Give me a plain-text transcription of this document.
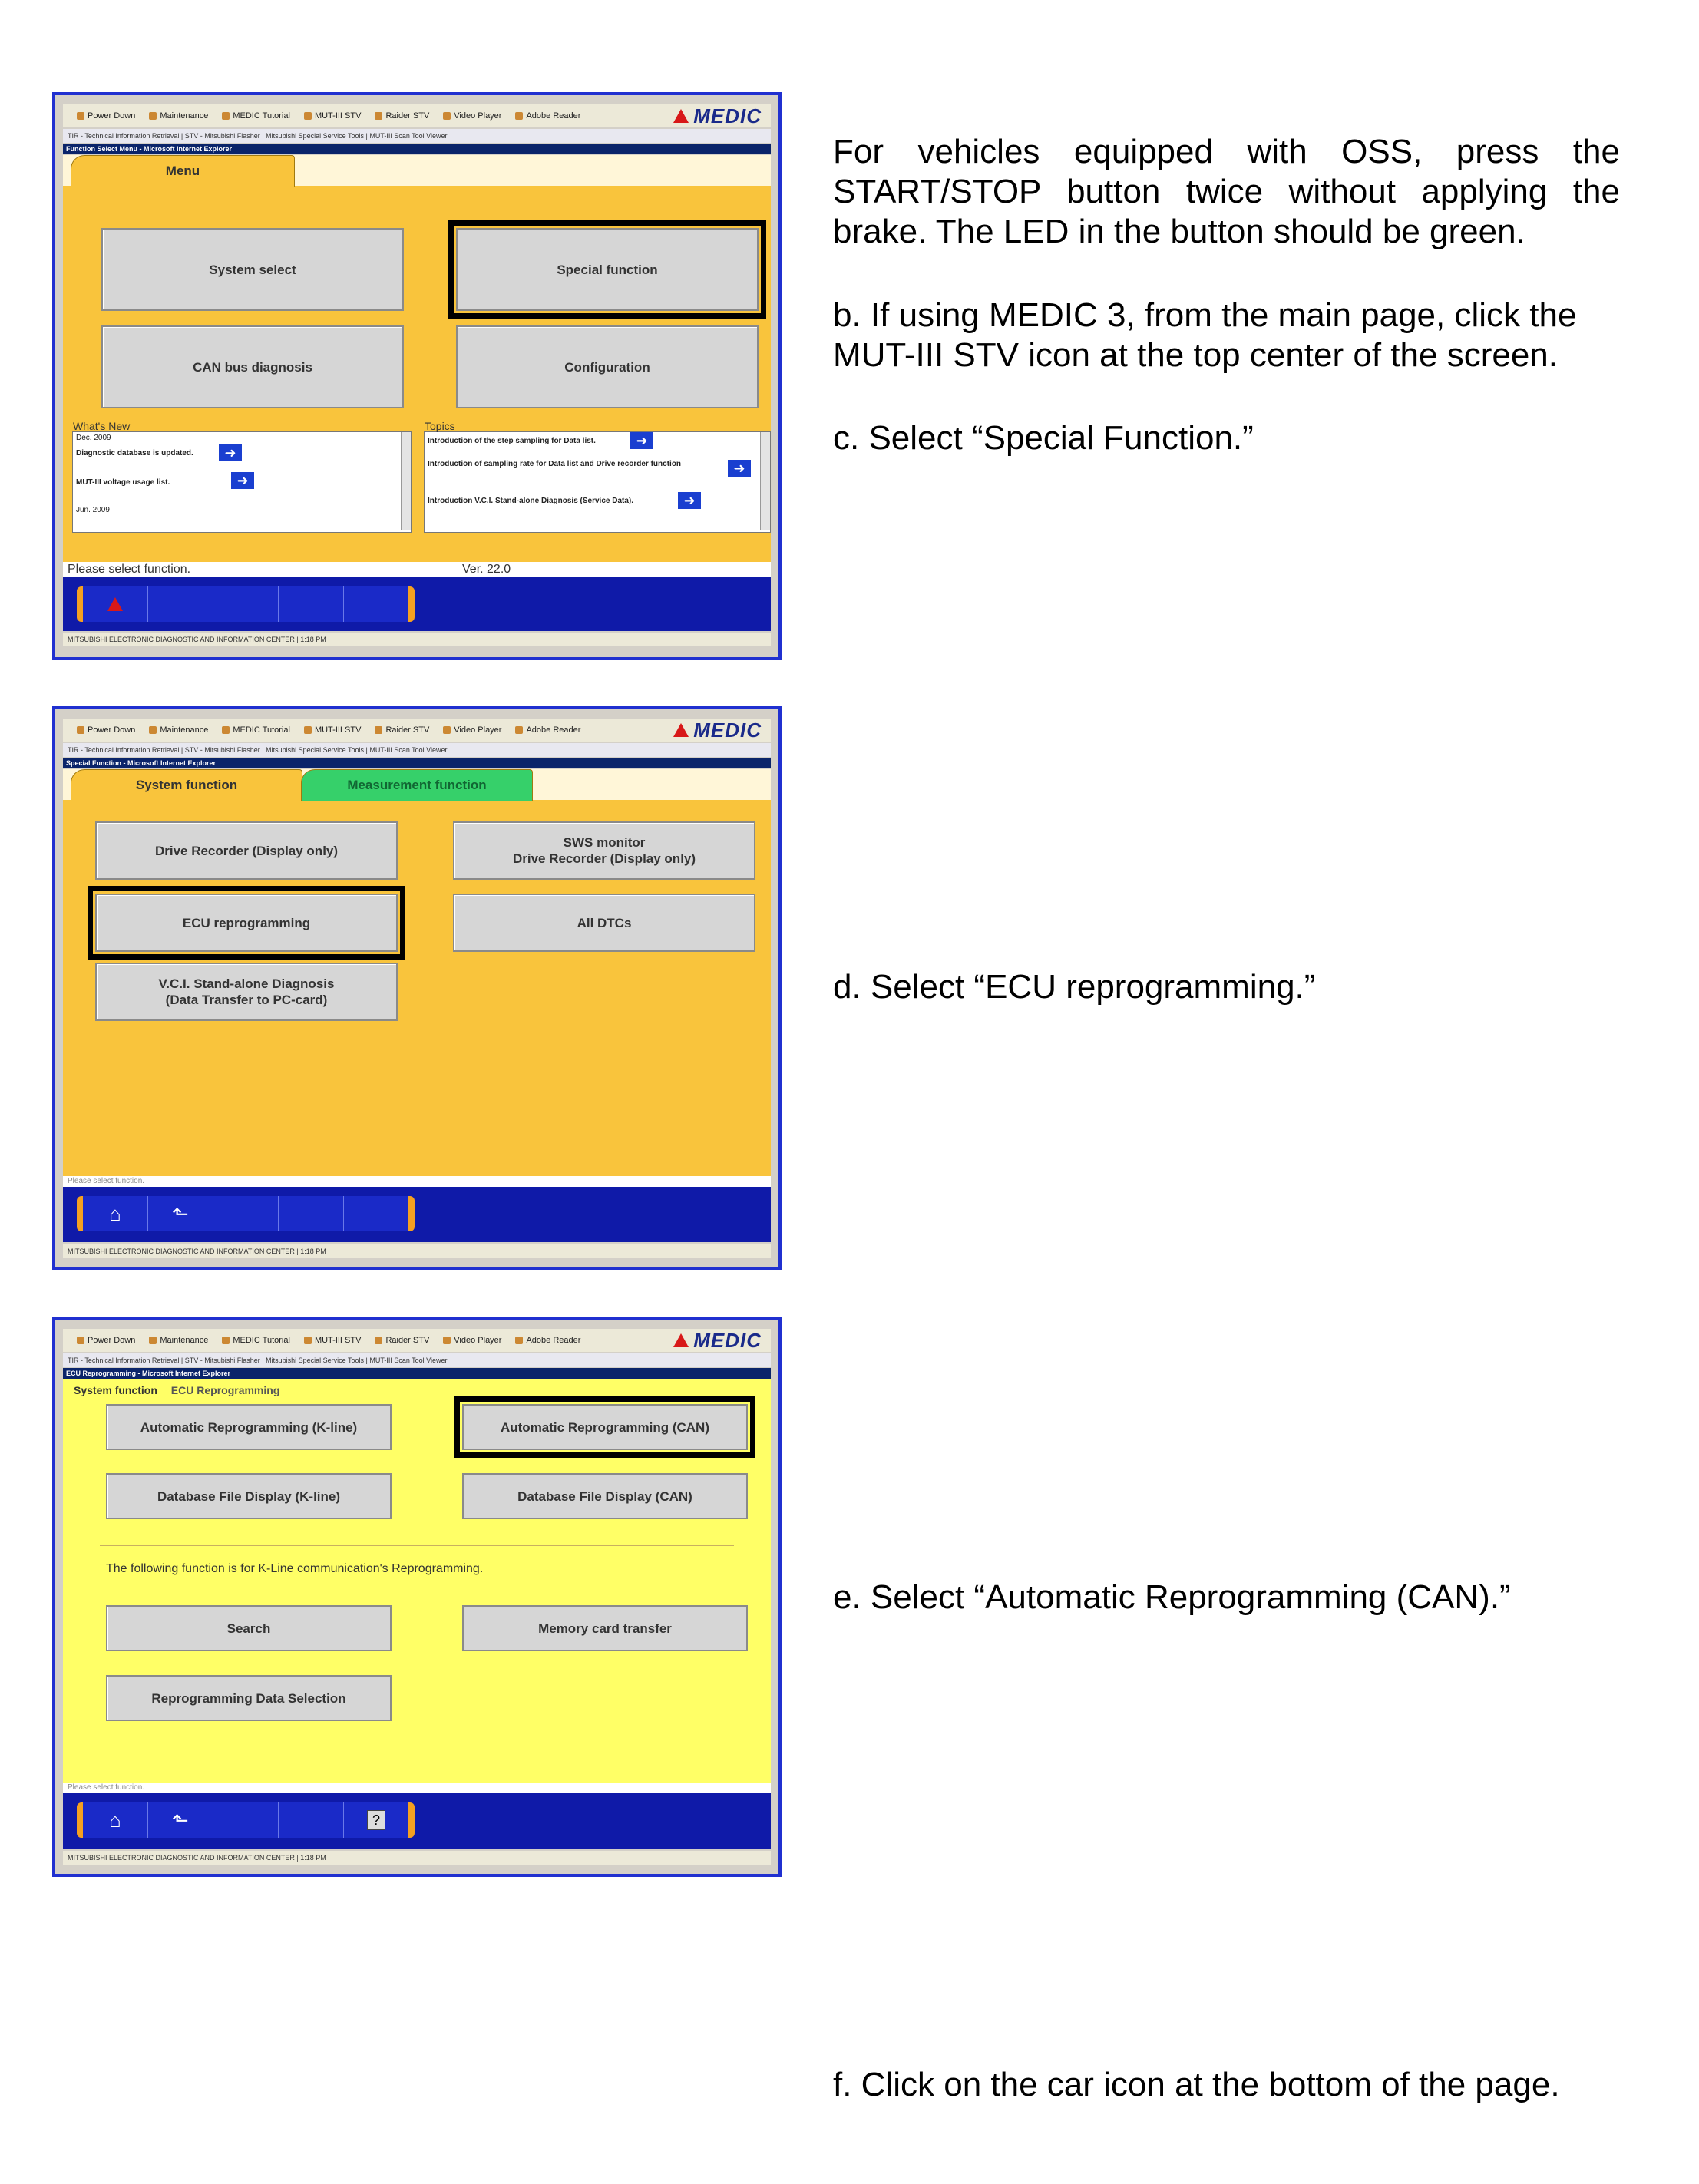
For vehicles equipped with OSS, press the
START/STOP button twice without applying the
brake. The LED in the button should be green.
b. If using MEDIC 3, from the main page, click the
MUT-III STV icon at the top center of the screen.
c. Select “Special Function.”
d. Select “ECU reprogramming.”
e. Select “Automatic Reprogramming (CAN).”
f. Click on the car icon at the bottom of the page.
Power Down	Maintenance	MEDIC Tutorial	MUT-III STV	Raider STV	Video Player	Adobe Reader	MEDIC
TIR - Technical Information Retrieval | STV - Mitsubishi Flasher | Mitsubishi Special Service Tools | MUT-III Scan Tool Viewer
Function Select Menu - Microsoft Internet Explorer
Menu
System select	Special function
CAN bus diagnosis	Configuration
What's New
Dec. 2009
Diagnostic database is updated.	➜
MUT-III voltage usage list.	➜
Jun. 2009
Topics
Introduction of the step sampling for Data list.	➜
Introduction of sampling rate for Data list and Drive recorder function	➜
Introduction V.C.I. Stand-alone Diagnosis (Service Data).	➜
Please select function.	Ver. 22.0
MITSUBISHI ELECTRONIC DIAGNOSTIC AND INFORMATION CENTER | 1:18 PM
Power Down	Maintenance	MEDIC Tutorial	MUT-III STV	Raider STV	Video Player	Adobe Reader	MEDIC
TIR - Technical Information Retrieval | STV - Mitsubishi Flasher | Mitsubishi Special Service Tools | MUT-III Scan Tool Viewer
Special Function - Microsoft Internet Explorer
System function	Measurement function
Drive Recorder (Display only)
SWS monitor
Drive Recorder (Display only)
ECU reprogramming	All DTCs
V.C.I. Stand-alone Diagnosis
(Data Transfer to PC-card)
Please select function.
⌂	⬑
MITSUBISHI ELECTRONIC DIAGNOSTIC AND INFORMATION CENTER | 1:18 PM
Power Down	Maintenance	MEDIC Tutorial	MUT-III STV	Raider STV	Video Player	Adobe Reader	MEDIC
TIR - Technical Information Retrieval | STV - Mitsubishi Flasher | Mitsubishi Special Service Tools | MUT-III Scan Tool Viewer
ECU Reprogramming - Microsoft Internet Explorer
System function ECU Reprogramming
Automatic Reprogramming (K-line)	Automatic Reprogramming (CAN)
Database File Display (K-line)	Database File Display (CAN)
The following function is for K-Line communication's Reprogramming.
Search	Memory card transfer
Reprogramming Data Selection
Please select function.
⌂	⬑	?
MITSUBISHI ELECTRONIC DIAGNOSTIC AND INFORMATION CENTER | 1:18 PM
